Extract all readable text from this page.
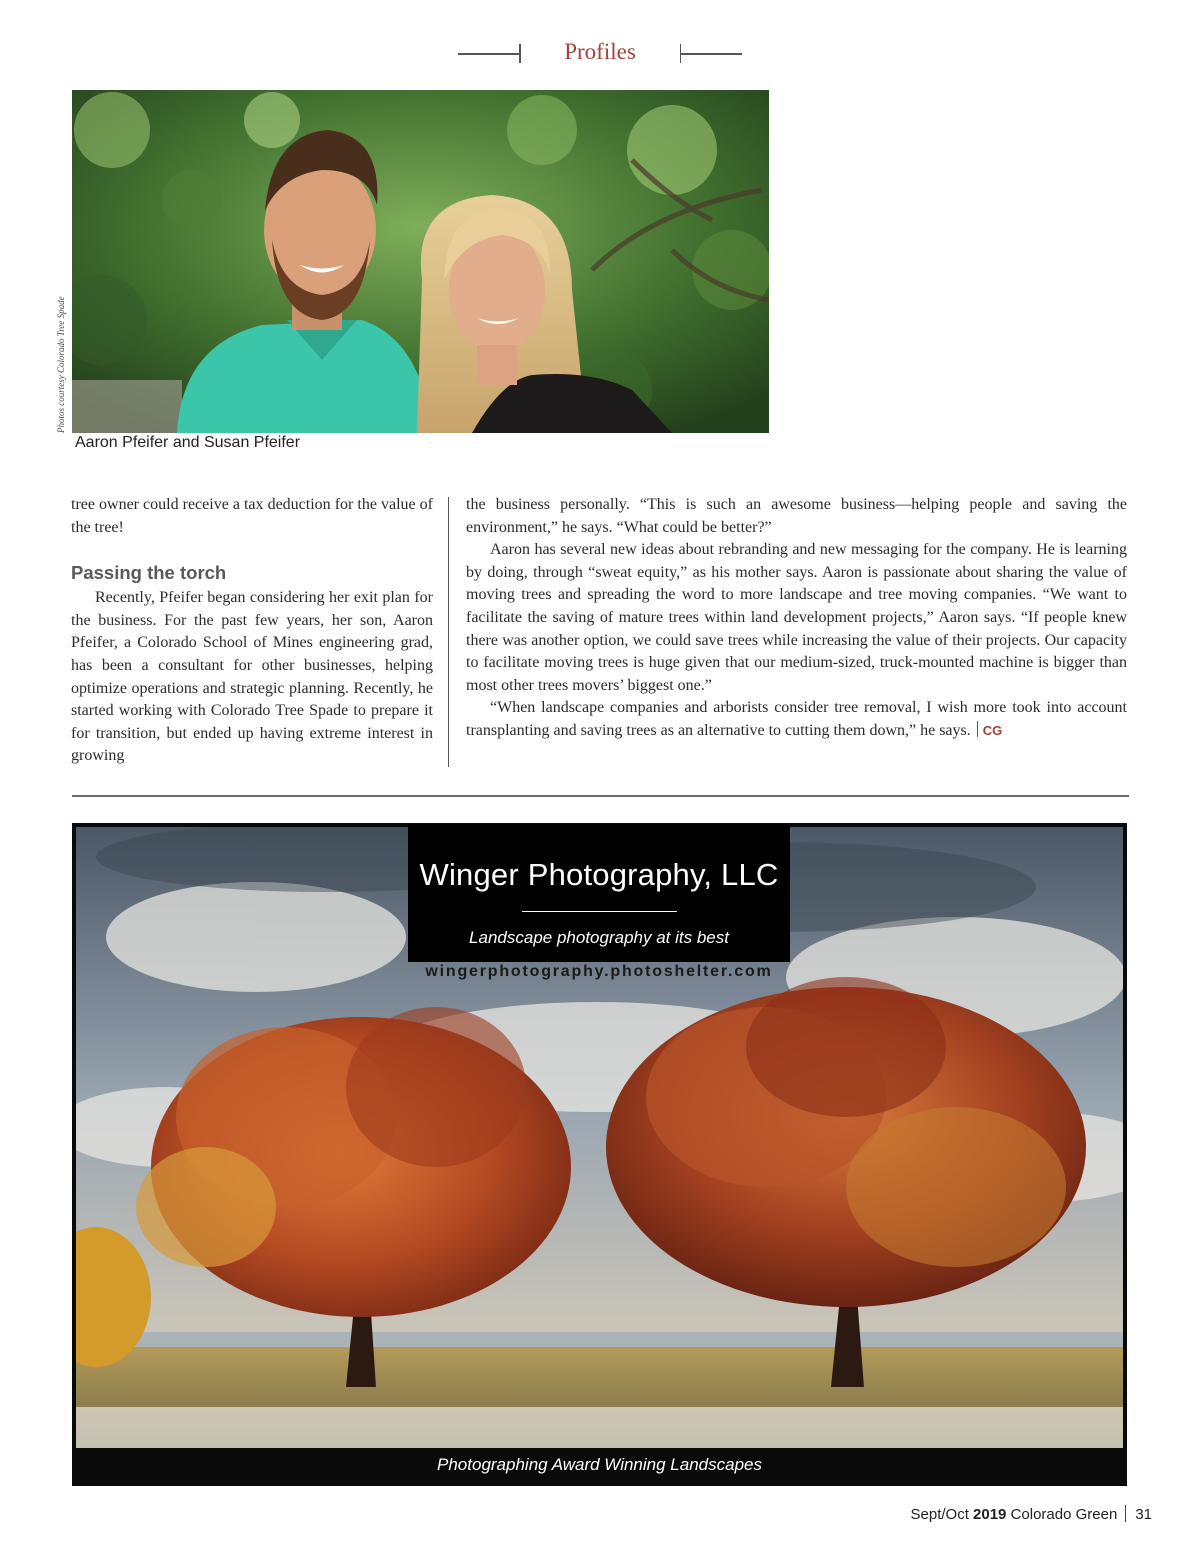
Profiles
Photos courtesy Colorado Tree Spade
Aaron Pfeifer and Susan Pfeifer

tree owner could receive a tax deduction for the value of the tree!

Passing the torch

Recently, Pfeifer began considering her exit plan for the business. For the past few years, her son, Aaron Pfeifer, a Colorado School of Mines engineering grad, has been a consultant for other businesses, helping optimize operations and strategic planning. Recently, he started working with Colorado Tree Spade to prepare it for transition, but ended up having extreme interest in growing

the business personally. “This is such an awesome business—helping people and saving the environment,” he says. “What could be better?”

Aaron has several new ideas about rebranding and new messaging for the company. He is learning by doing, through “sweat equity,” as his mother says. Aaron is passionate about sharing the value of moving trees and spreading the word to more landscape and tree moving companies. “We want to facilitate the saving of mature trees within land development projects,” Aaron says. “If people knew there was another option, we could save trees while increasing the value of their projects. Our capacity to facilitate moving trees is huge given that our medium-sized, truck-mounted machine is bigger than most other trees movers’ biggest one.”

“When landscape companies and arborists consider tree removal, I wish more took into account transplanting and saving trees as an alternative to cutting them down,” he says. CG

Winger Photography, LLC
Landscape photography at its best
wingerphotography.photoshelter.com
Photographing Award Winning Landscapes
Sept/Oct 2019 Colorado Green 31
